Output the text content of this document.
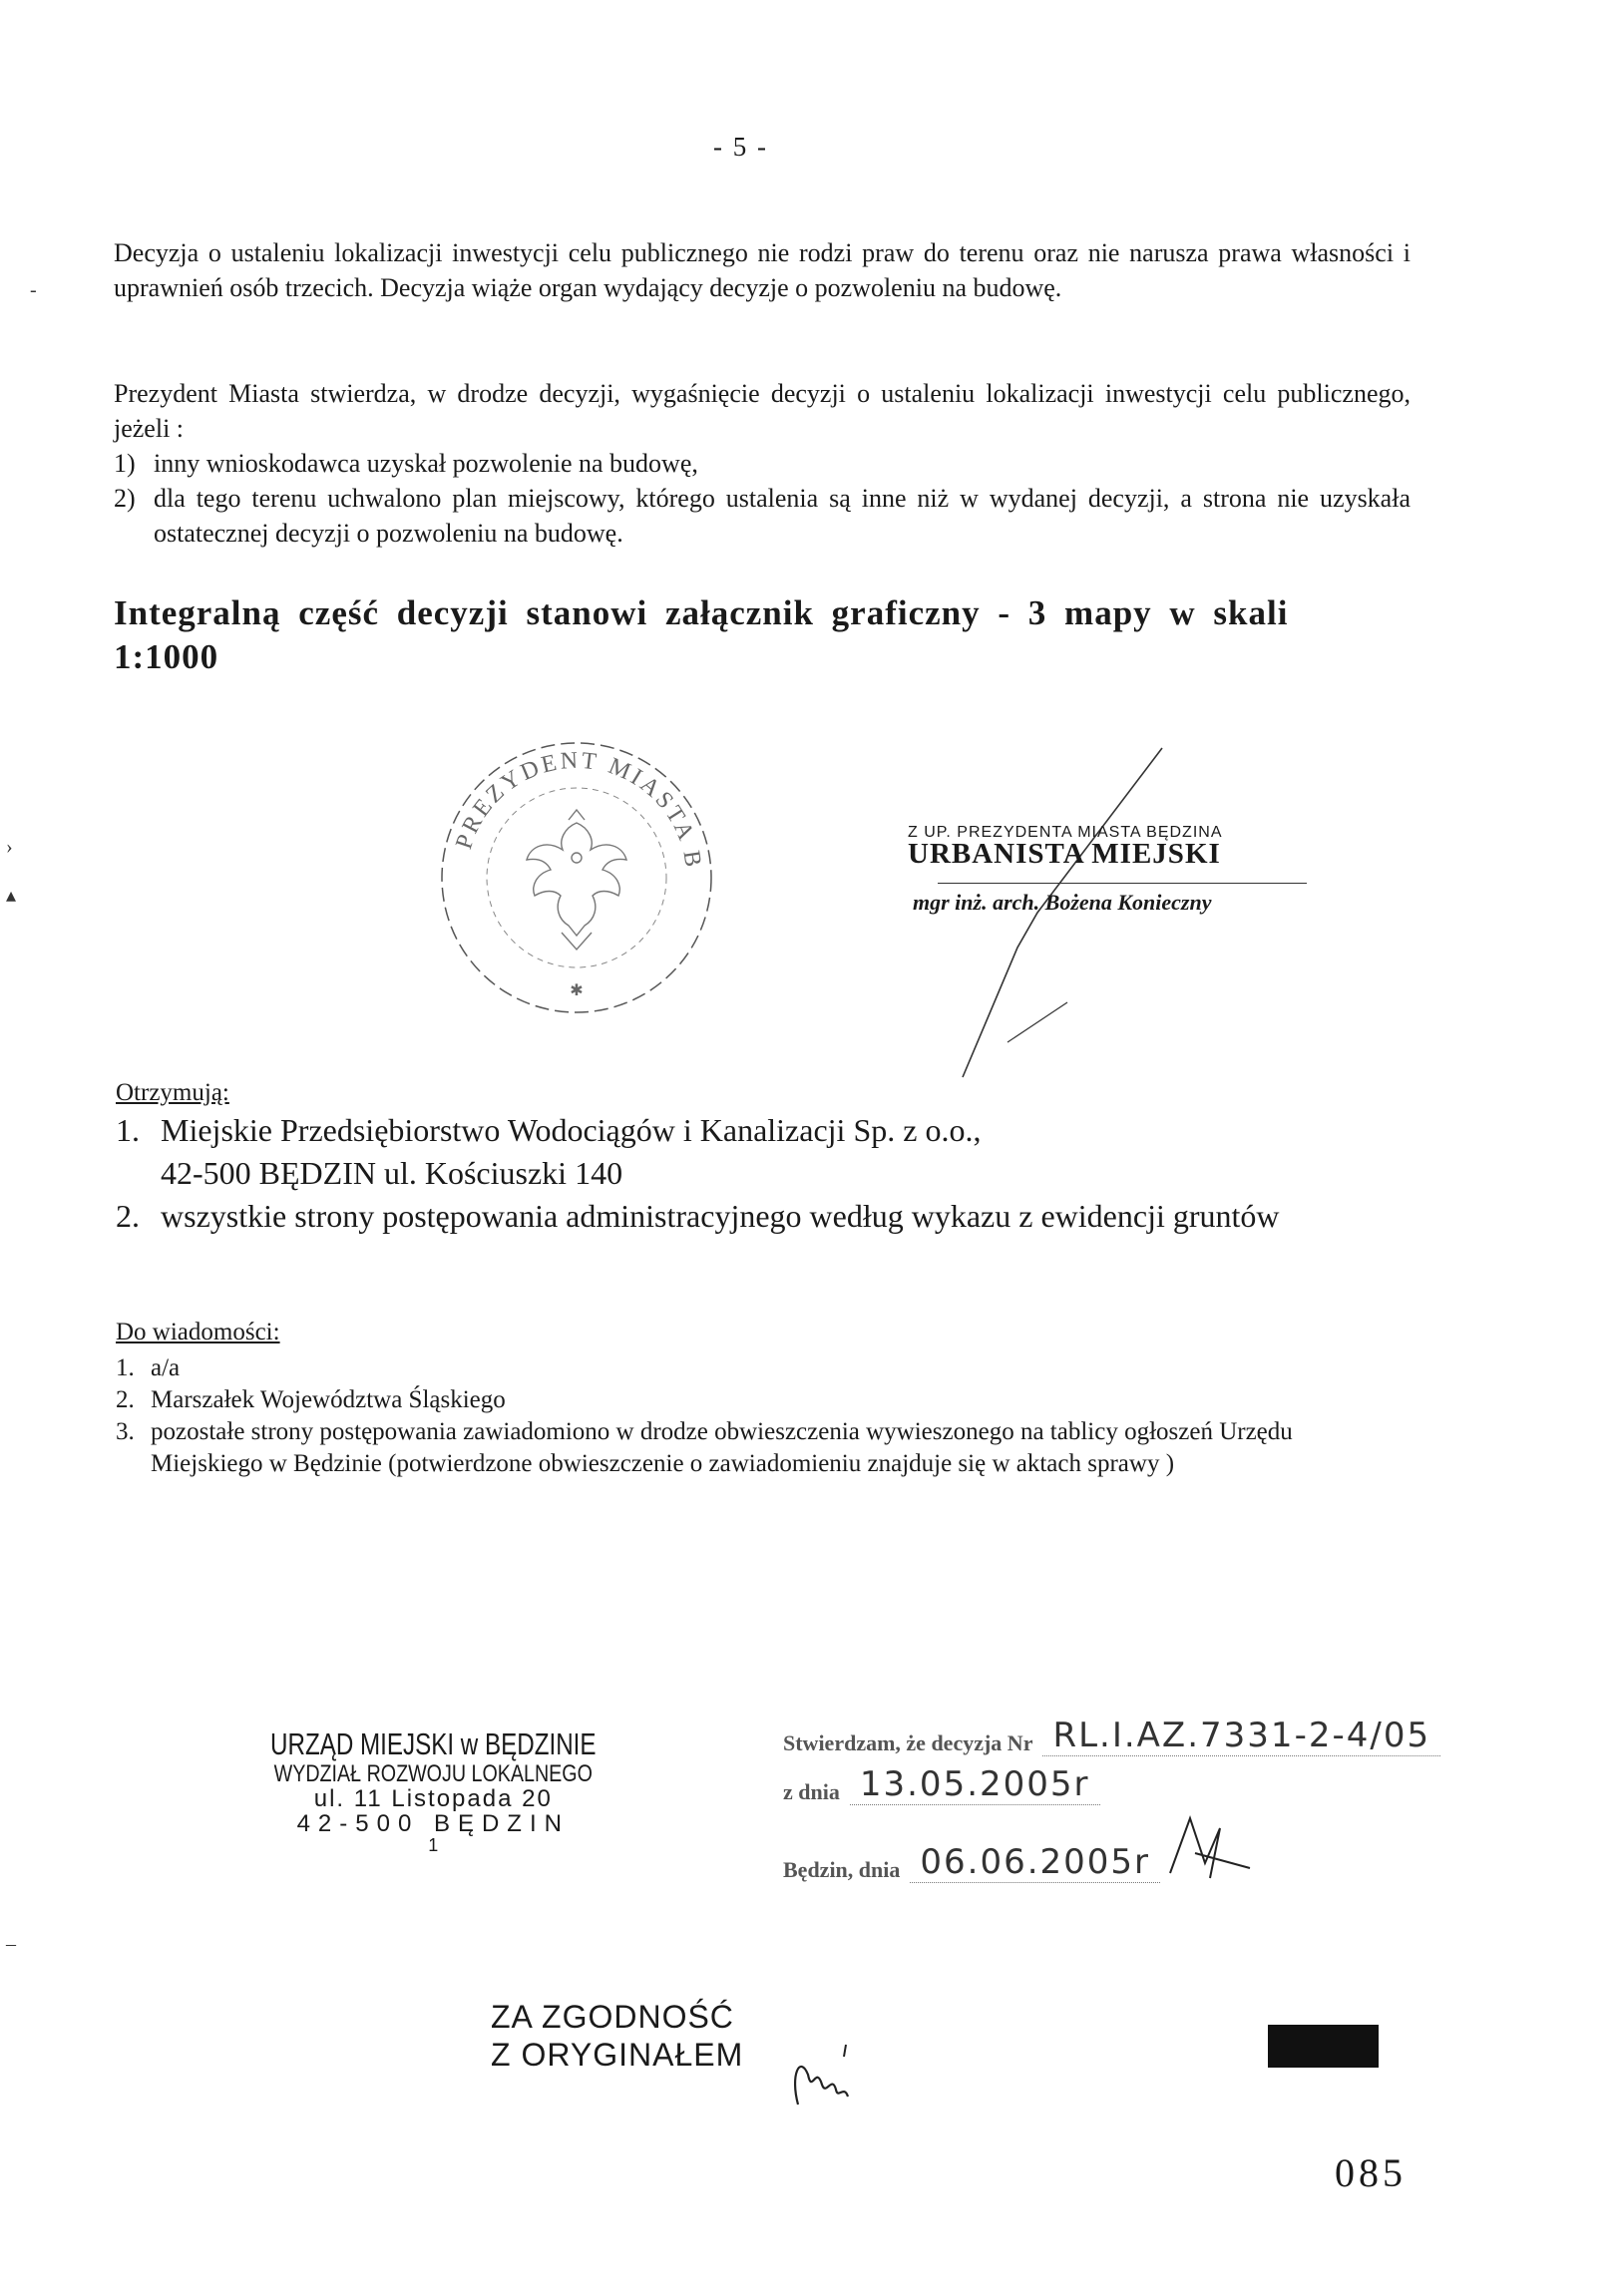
- 5 -

Decyzja o ustaleniu lokalizacji inwestycji celu publicznego nie rodzi praw do terenu oraz nie narusza prawa własności i uprawnień osób trzecich. Decyzja wiąże organ wydający decyzje o pozwoleniu na budowę.

Prezydent Miasta stwierdza, w drodze decyzji, wygaśnięcie decyzji o ustaleniu lokalizacji inwestycji celu publicznego, jeżeli :

1) inny wnioskodawca uzyskał pozwolenie na budowę,
2) dla tego terenu uchwalono plan miejscowy, którego ustalenia są inne niż w wydanej decyzji, a strona nie uzyskała ostatecznej decyzji o pozwoleniu na budowę.
Integralną część decyzji stanowi załącznik graficzny - 3 mapy w skali 1:1000
PREZYDENT MIASTA B
✱
Z UP. PREZYDENTA MIASTA BĘDZINA
URBANISTA MIEJSKI
mgr inż. arch. Bożena Konieczny
Otrzymują:
1. Miejskie Przedsiębiorstwo Wodociągów i Kanalizacji Sp. z o.o.,
42-500 BĘDZIN ul. Kościuszki 140
2. wszystkie strony postępowania administracyjnego według wykazu z ewidencji gruntów
Do wiadomości:
1. a/a
2. Marszałek Województwa Śląskiego
3. pozostałe strony postępowania zawiadomiono w drodze obwieszczenia wywieszonego na tablicy ogłoszeń Urzędu Miejskiego w Będzinie (potwierdzone obwieszczenie o zawiadomieniu znajduje się w aktach sprawy )
URZĄD MIEJSKI w BĘDZINIE
WYDZIAŁ ROZWOJU LOKALNEGO
ul. 11 Listopada 20
42-500 BĘDZIN
1
Stwierdzam, że decyzja Nr RL.I.AZ.7331-2-4/05
z dnia 13.05.2005r
Będzin, dnia 06.06.2005r
ZA ZGODNOŚĆ
Z ORYGINAŁEM
085
-
›
▴
–
